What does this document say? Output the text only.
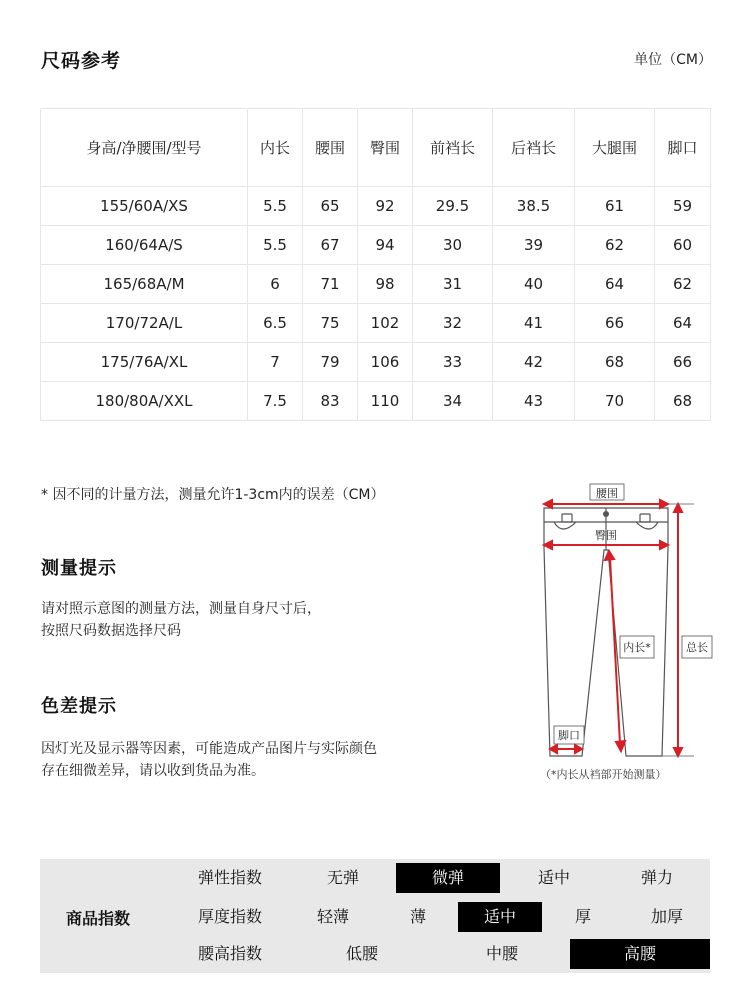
尺码参考	单位（CM）
身高/净腰围/型号	内长	腰围	臀围	前裆长	后裆长	大腿围	脚口
155/60A/XS	5.5	65	92	29.5	38.5	61	59
160/64A/S	5.5	67	94	30	39	62	60
165/68A/M	6	71	98	31	40	64	62
170/72A/L	6.5	75	102	32	41	66	64
175/76A/XL	7	79	106	33	42	68	66
180/80A/XXL	7.5	83	110	34	43	70	68
* 因不同的计量方法，测量允许1-3cm内的误差（CM）
测量提示
请对照示意图的测量方法，测量自身尺寸后，
按照尺码数据选择尺码
色差提示
因灯光及显示器等因素，可能造成产品图片与实际颜色
存在细微差异，请以收到货品为准。
腰围
臀围
内长*	总长
脚口
（*内长从裆部开始测量）
商品指数
弹性指数	无弹	微弹	适中	弹力
厚度指数	轻薄	薄	适中	厚	加厚
腰高指数	低腰	中腰	高腰
